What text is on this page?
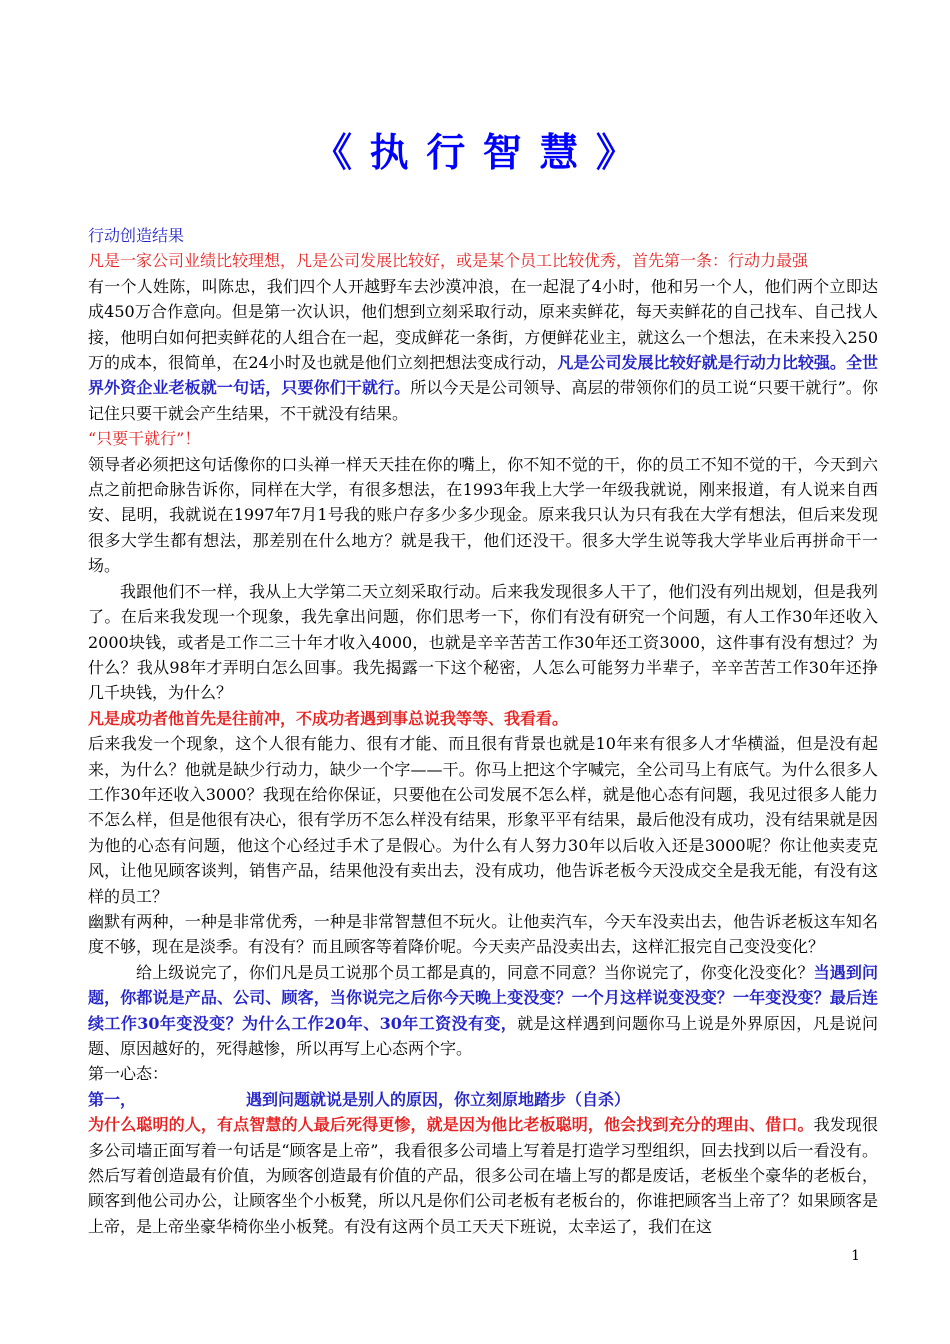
《 执 行 智 慧 》

行动创造结果

凡是一家公司业绩比较理想，凡是公司发展比较好，或是某个员工比较优秀，首先第一条：行动力最强

有一个人姓陈，叫陈忠，我们四个人开越野车去沙漠冲浪，在一起混了4小时，他和另一个人，他们两个立即达成450万合作意向。但是第一次认识，他们想到立刻采取行动，原来卖鲜花，每天卖鲜花的自己找车、自己找人接，他明白如何把卖鲜花的人组合在一起，变成鲜花一条街，方便鲜花业主，就这么一个想法，在未来投入250万的成本，很简单，在24小时及也就是他们立刻把想法变成行动，凡是公司发展比较好就是行动力比较强。全世界外资企业老板就一句话，只要你们干就行。所以今天是公司领导、高层的带领你们的员工说“只要干就行”。你记住只要干就会产生结果，不干就没有结果。

“只要干就行”！

领导者必须把这句话像你的口头禅一样天天挂在你的嘴上，你不知不觉的干，你的员工不知不觉的干，今天到六点之前把命脉告诉你，同样在大学，有很多想法，在1993年我上大学一年级我就说，刚来报道，有人说来自西安、昆明，我就说在1997年7月1号我的账户存多少多少现金。原来我只认为只有我在大学有想法，但后来发现很多大学生都有想法，那差别在什么地方？就是我干，他们还没干。很多大学生说等我大学毕业后再拼命干一场。

我跟他们不一样，我从上大学第二天立刻采取行动。后来我发现很多人干了，他们没有列出规划，但是我列了。在后来我发现一个现象，我先拿出问题，你们思考一下，你们有没有研究一个问题，有人工作30年还收入2000块钱，或者是工作二三十年才收入4000，也就是辛辛苦苦工作30年还工资3000，这件事有没有想过？为什么？我从98年才弄明白怎么回事。我先揭露一下这个秘密，人怎么可能努力半辈子，辛辛苦苦工作30年还挣几千块钱，为什么？

凡是成功者他首先是往前冲，不成功者遇到事总说我等等、我看看。

后来我发一个现象，这个人很有能力、很有才能、而且很有背景也就是10年来有很多人才华横溢，但是没有起来，为什么？他就是缺少行动力，缺少一个字——干。你马上把这个字喊完，全公司马上有底气。为什么很多人工作30年还收入3000？我现在给你保证，只要他在公司发展不怎么样，就是他心态有问题，我见过很多人能力不怎么样，但是他很有决心，很有学历不怎么样没有结果，形象平平有结果，最后他没有成功，没有结果就是因为他的心态有问题，他这个心经过手术了是假心。为什么有人努力30年以后收入还是3000呢？你让他卖麦克风，让他见顾客谈判，销售产品，结果他没有卖出去，没有成功，他告诉老板今天没成交全是我无能，有没有这样的员工？

幽默有两种，一种是非常优秀，一种是非常智慧但不玩火。让他卖汽车，今天车没卖出去，他告诉老板这车知名度不够，现在是淡季。有没有？而且顾客等着降价呢。今天卖产品没卖出去，这样汇报完自己变没变化？

给上级说完了，你们凡是员工说那个员工都是真的，同意不同意？当你说完了，你变化没变化？当遇到问题，你都说是产品、公司、顾客，当你说完之后你今天晚上变没变？一个月这样说变没变？一年变没变？最后连续工作30年变没变？为什么工作20年、30年工资没有变，就是这样遇到问题你马上说是外界原因，凡是说问题、原因越好的，死得越惨，所以再写上心态两个字。

第一心态：

第一，	遇到问题就说是别人的原因，你立刻原地踏步（自杀）

为什么聪明的人，有点智慧的人最后死得更惨，就是因为他比老板聪明，他会找到充分的理由、借口。我发现很多公司墙正面写着一句话是“顾客是上帝”，我看很多公司墙上写着是打造学习型组织，回去找到以后一看没有。然后写着创造最有价值，为顾客创造最有价值的产品，很多公司在墙上写的都是废话，老板坐个豪华的老板台，顾客到他公司办公，让顾客坐个小板凳，所以凡是你们公司老板有老板台的，你谁把顾客当上帝了？如果顾客是上帝，是上帝坐豪华椅你坐小板凳。有没有这两个员工天天下班说，太幸运了，我们在这

1
